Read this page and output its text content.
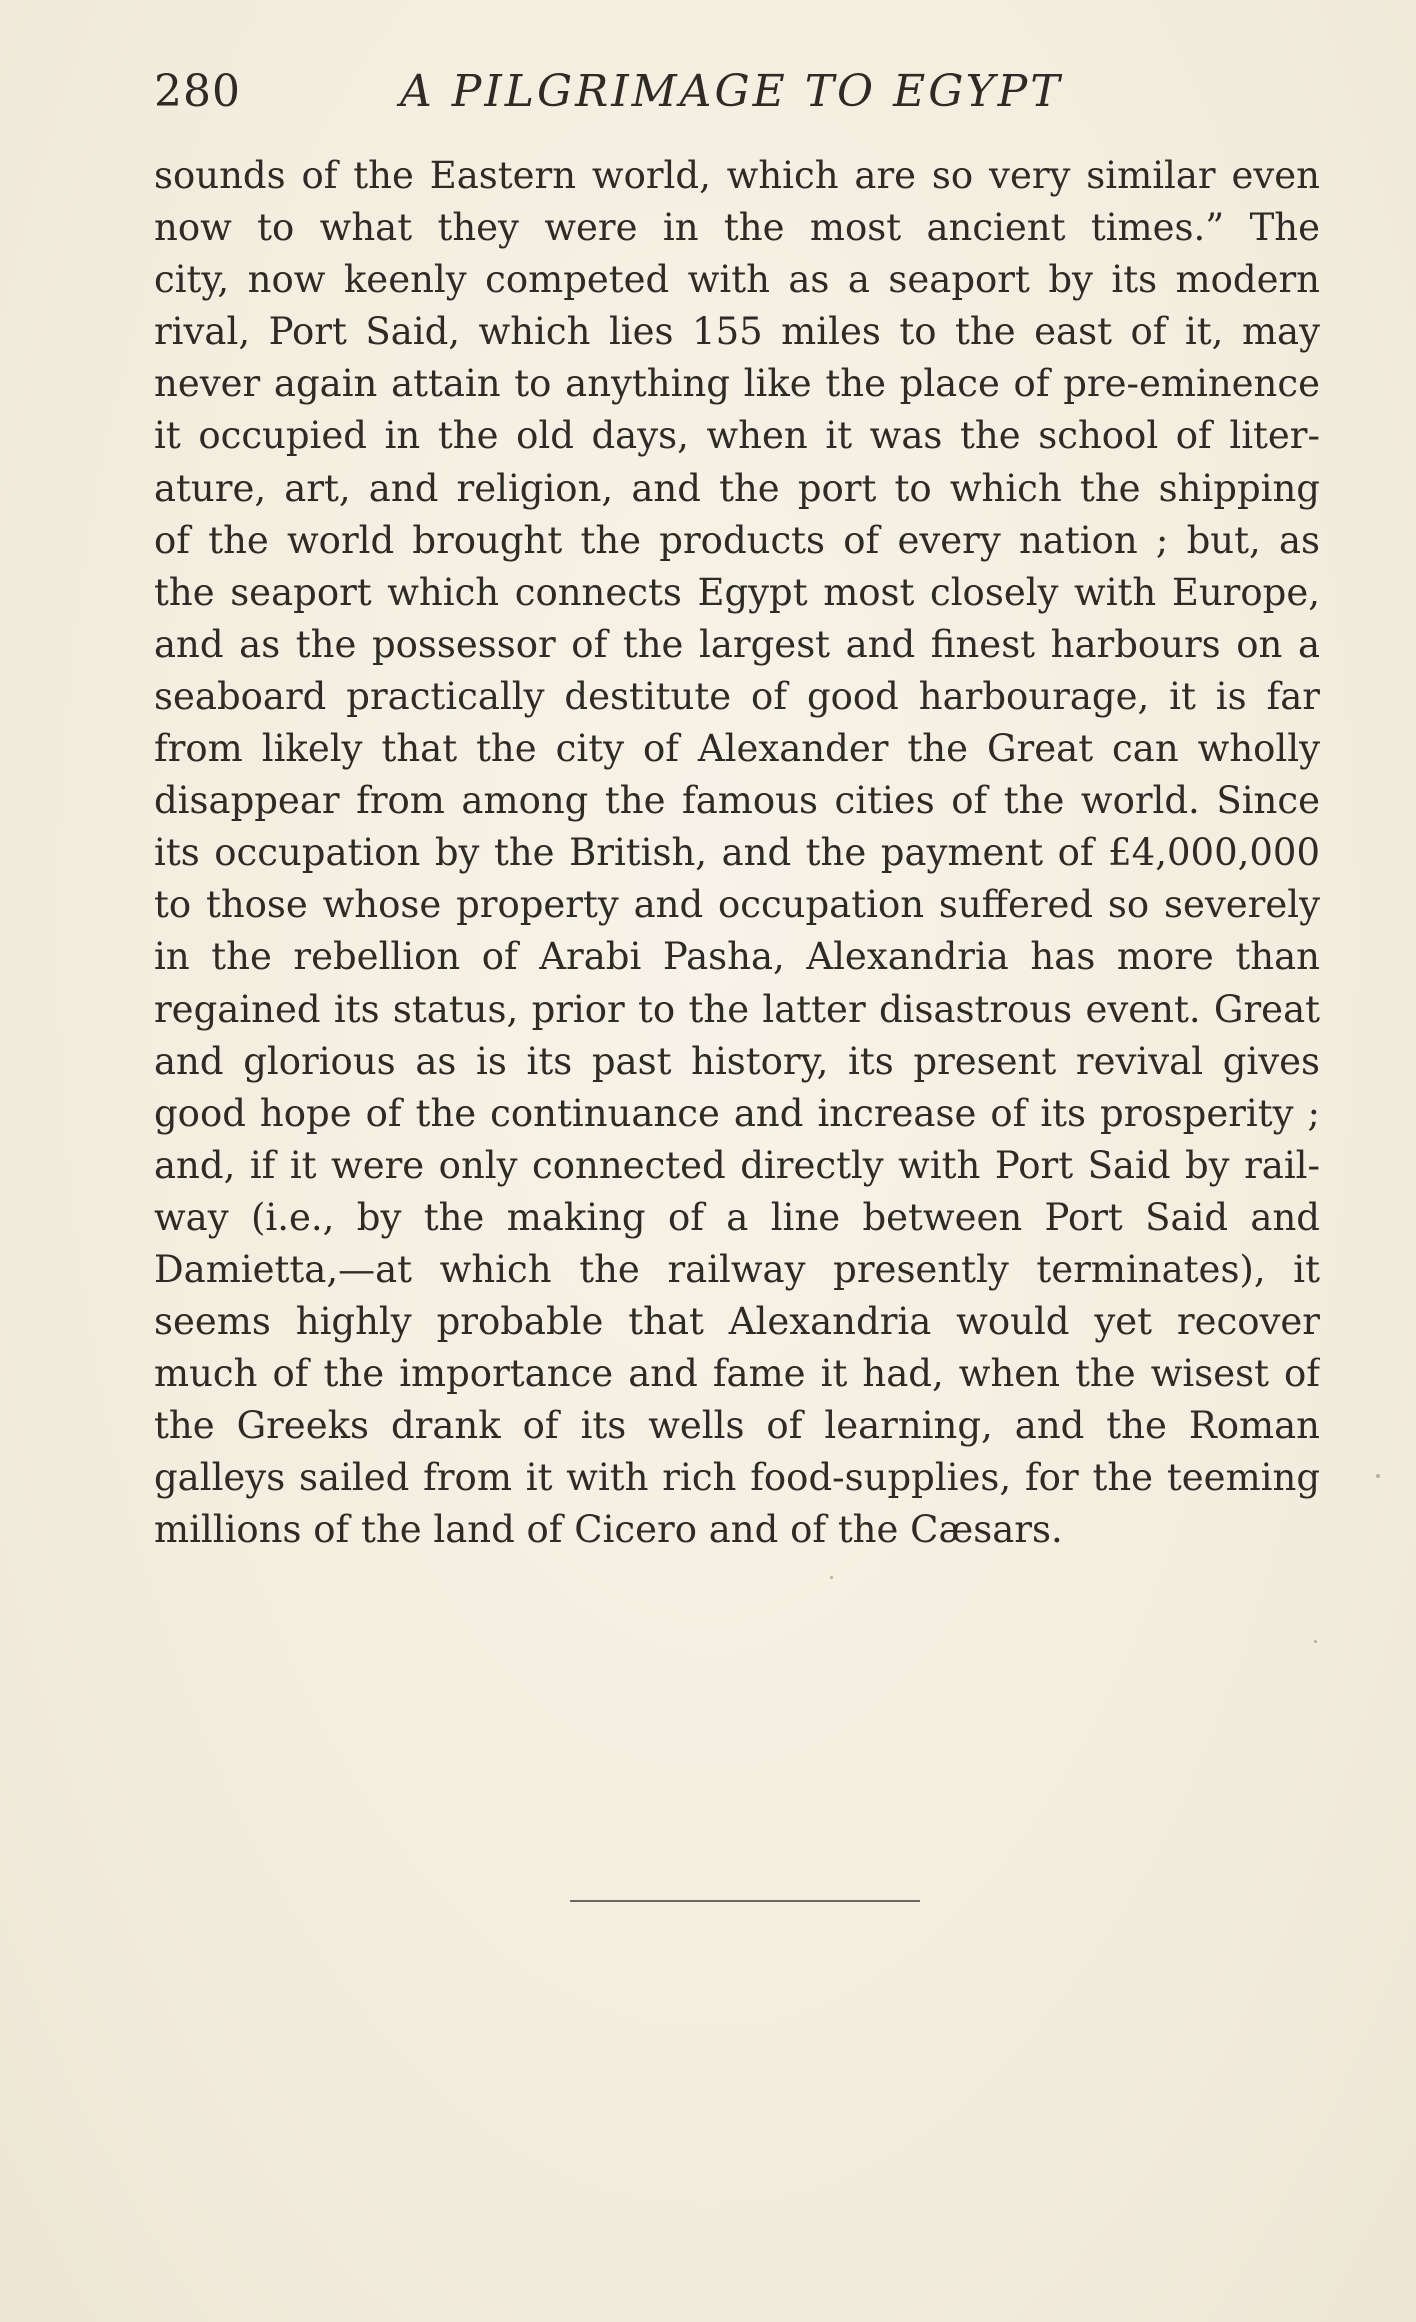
280	A PILGRIMAGE TO EGYPT
sounds of the Eastern world, which are so very similar even
now to what they were in the most ancient times.” The
city, now keenly competed with as a seaport by its modern
rival, Port Said, which lies 155 miles to the east of it, may
never again attain to anything like the place of pre-eminence
it occupied in the old days, when it was the school of liter-
ature, art, and religion, and the port to which the shipping
of the world brought the products of every nation ; but, as
the seaport which connects Egypt most closely with Europe,
and as the possessor of the largest and finest harbours on a
seaboard practically destitute of good harbourage, it is far
from likely that the city of Alexander the Great can wholly
disappear from among the famous cities of the world. Since
its occupation by the British, and the payment of £4,000,000
to those whose property and occupation suffered so severely
in the rebellion of Arabi Pasha, Alexandria has more than
regained its status, prior to the latter disastrous event. Great
and glorious as is its past history, its present revival gives
good hope of the continuance and increase of its prosperity ;
and, if it were only connected directly with Port Said by rail-
way (i.e., by the making of a line between Port Said and
Damietta,—at which the railway presently terminates), it
seems highly probable that Alexandria would yet recover
much of the importance and fame it had, when the wisest of
the Greeks drank of its wells of learning, and the Roman
galleys sailed from it with rich food-supplies, for the teeming
millions of the land of Cicero and of the Cæsars.
